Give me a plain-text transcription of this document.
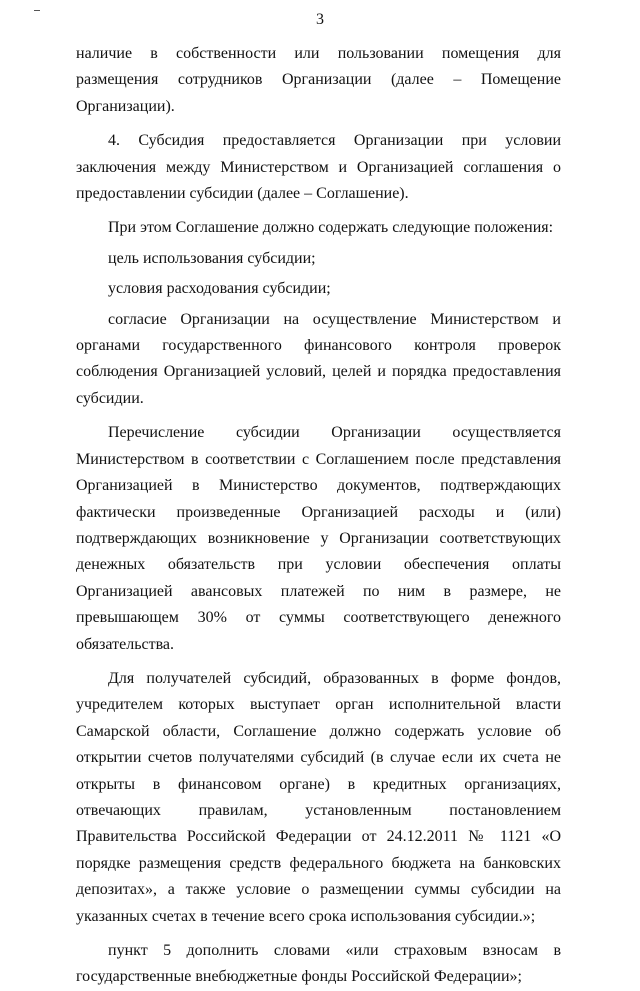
3

наличие в собственности или пользовании помещения для размещения сотрудников Организации (далее – Помещение Организации).

4. Субсидия предоставляется Организации при условии заключения между Министерством и Организацией соглашения о предоставлении субсидии (далее – Соглашение).

При этом Соглашение должно содержать следующие положения:

цель использования субсидии;

условия расходования субсидии;

согласие Организации на осуществление Министерством и органами государственного финансового контроля проверок соблюдения Организацией условий, целей и порядка предоставления субсидии.

Перечисление субсидии Организации осуществляется Министерством в соответствии с Соглашением после представления Организацией в Министерство документов, подтверждающих фактически произведенные Организацией расходы и (или) подтверждающих возникновение у Организации соответствующих денежных обязательств при условии обеспечения оплаты Организацией авансовых платежей по ним в размере, не превышающем 30% от суммы соответствующего денежного обязательства.

Для получателей субсидий, образованных в форме фондов, учредителем которых выступает орган исполнительной власти Самарской области, Соглашение должно содержать условие об открытии счетов получателями субсидий (в случае если их счета не открыты в финансовом органе) в кредитных организациях, отвечающих правилам, установленным постановлением Правительства Российской Федерации от 24.12.2011 № 1121 «О порядке размещения средств федерального бюджета на банковских депозитах», а также условие о размещении суммы субсидии на указанных счетах в течение всего срока использования субсидии.»;

пункт 5 дополнить словами «или страховым взносам в государственные внебюджетные фонды Российской Федерации»;
